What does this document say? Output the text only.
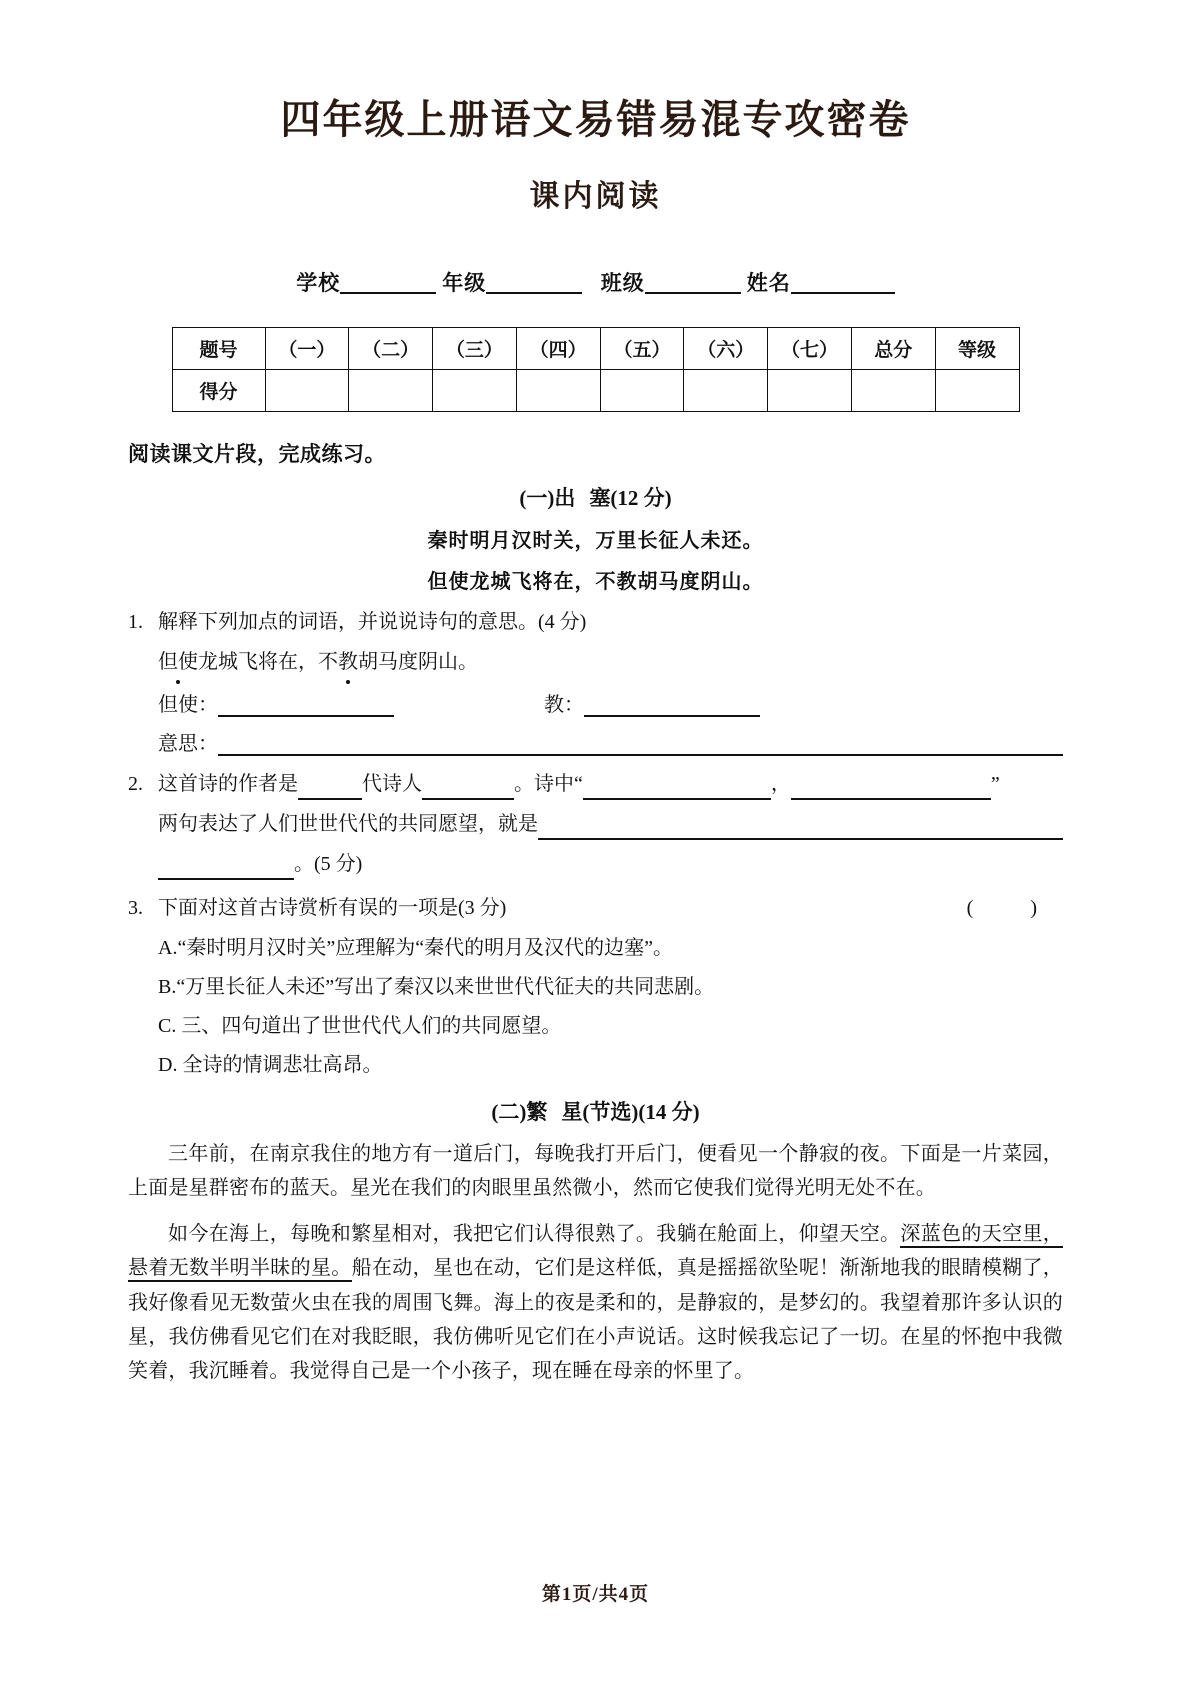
四年级上册语文易错易混专攻密卷
课内阅读
学校	年级	班级	姓名
题号	（一）	（二）	（三）	（四）	（五）	（六）	（七）	总分	等级
得分									
阅读课文片段，完成练习。
(一)出 塞(12 分)
秦时明月汉时关，万里长征人未还。
但使龙城飞将在，不教胡马度阴山。
1. 解释下列加点的词语，并说说诗句的意思。(4 分)
但使龙城飞将在，不教胡马度阴山。
但使：	教：
意思：
2. 这首诗的作者是	代诗人	。诗中“	，	”
两句表达了人们世世代代的共同愿望，就是
。(5 分)
3.	( )
下面对这首古诗赏析有误的一项是(3 分)
A.“秦时明月汉时关”应理解为“秦代的明月及汉代的边塞”。
B.“万里长征人未还”写出了秦汉以来世世代代征夫的共同悲剧。
C. 三、四句道出了世世代代人们的共同愿望。
D. 全诗的情调悲壮高昂。
(二)繁 星(节选)(14 分)
三年前，在南京我住的地方有一道后门，每晚我打开后门，便看见一个静寂的夜。下面是一片菜园，上面是星群密布的蓝天。星光在我们的肉眼里虽然微小，然而它使我们觉得光明无处不在。
如今在海上，每晚和繁星相对，我把它们认得很熟了。我躺在舱面上，仰望天空。深蓝色的天空里，悬着无数半明半昧的星。船在动，星也在动，它们是这样低，真是摇摇欲坠呢！渐渐地我的眼睛模糊了，我好像看见无数萤火虫在我的周围飞舞。海上的夜是柔和的，是静寂的，是梦幻的。我望着那许多认识的星，我仿佛看见它们在对我眨眼，我仿佛听见它们在小声说话。这时候我忘记了一切。在星的怀抱中我微笑着，我沉睡着。我觉得自己是一个小孩子，现在睡在母亲的怀里了。
第1页/共4页
